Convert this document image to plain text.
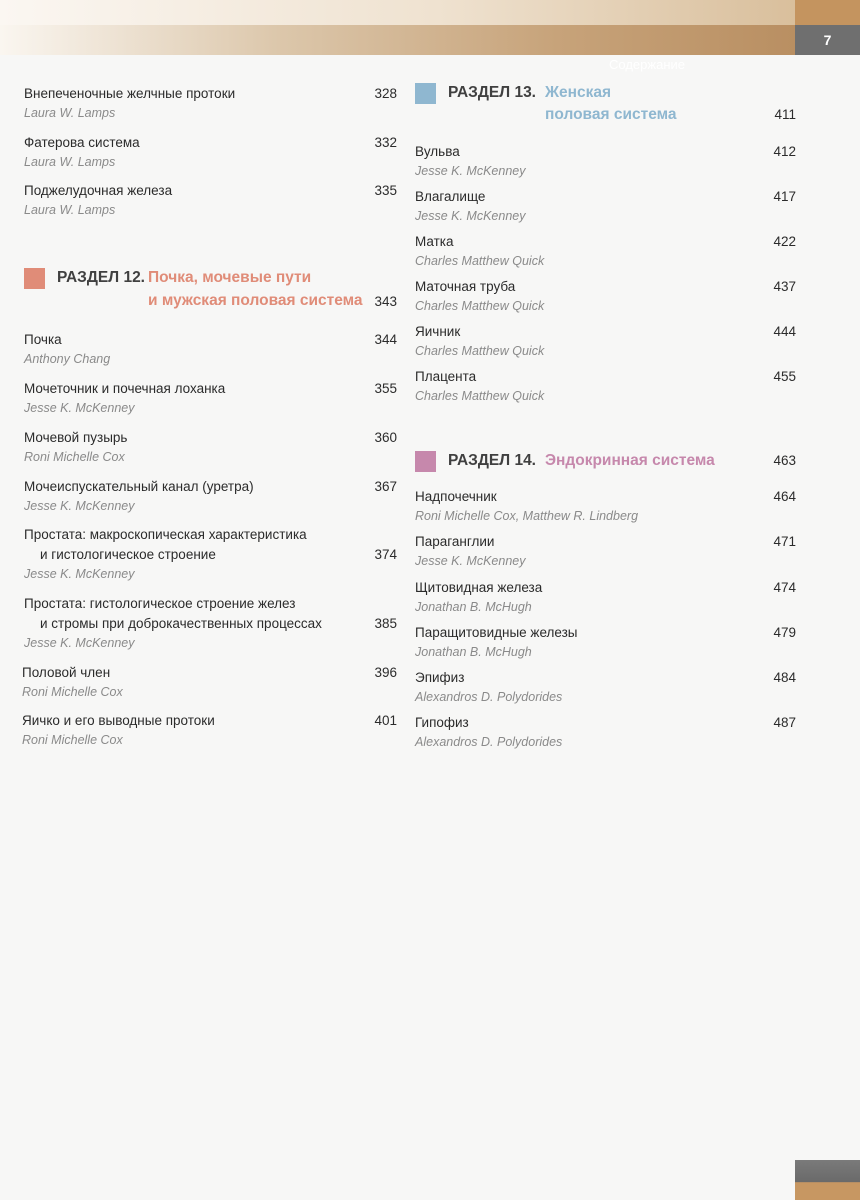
Содержание
7
Внепеченочные желчные протоки
Laura W. Lamps
328
Фатерова система
Laura W. Lamps
332
Поджелудочная железа
Laura W. Lamps
335
РАЗДЕЛ 12. Почка, мочевые пути
и мужская половая система 343
Почка
Anthony Chang
344
Мочеточник и почечная лоханка
Jesse K. McKenney
355
Мочевой пузырь
Roni Michelle Cox
360
Мочеиспускательный канал (уретра)
Jesse K. McKenney
367
Простата: макроскопическая характеристика
и гистологическое строение
Jesse K. McKenney
374
Простата: гистологическое строение желез
и стромы при доброкачественных процессах
Jesse K. McKenney
385
Половой член
Roni Michelle Cox
396
Яичко и его выводные протоки
Roni Michelle Cox
401
РАЗДЕЛ 13. Женская
половая система	411
Вульва
Jesse K. McKenney
412
Влагалище
Jesse K. McKenney
417
Матка
Charles Matthew Quick
422
Маточная труба
Charles Matthew Quick
437
Яичник
Charles Matthew Quick
444
Плацента
Charles Matthew Quick
455
РАЗДЕЛ 14. Эндокринная система	463
Надпочечник
Roni Michelle Cox, Matthew R. Lindberg
464
Параганглии
Jesse K. McKenney
471
Щитовидная железа
Jonathan B. McHugh
474
Паращитовидные железы
Jonathan B. McHugh
479
Эпифиз
Alexandros D. Polydorides
484
Гипофиз
Alexandros D. Polydorides
487
